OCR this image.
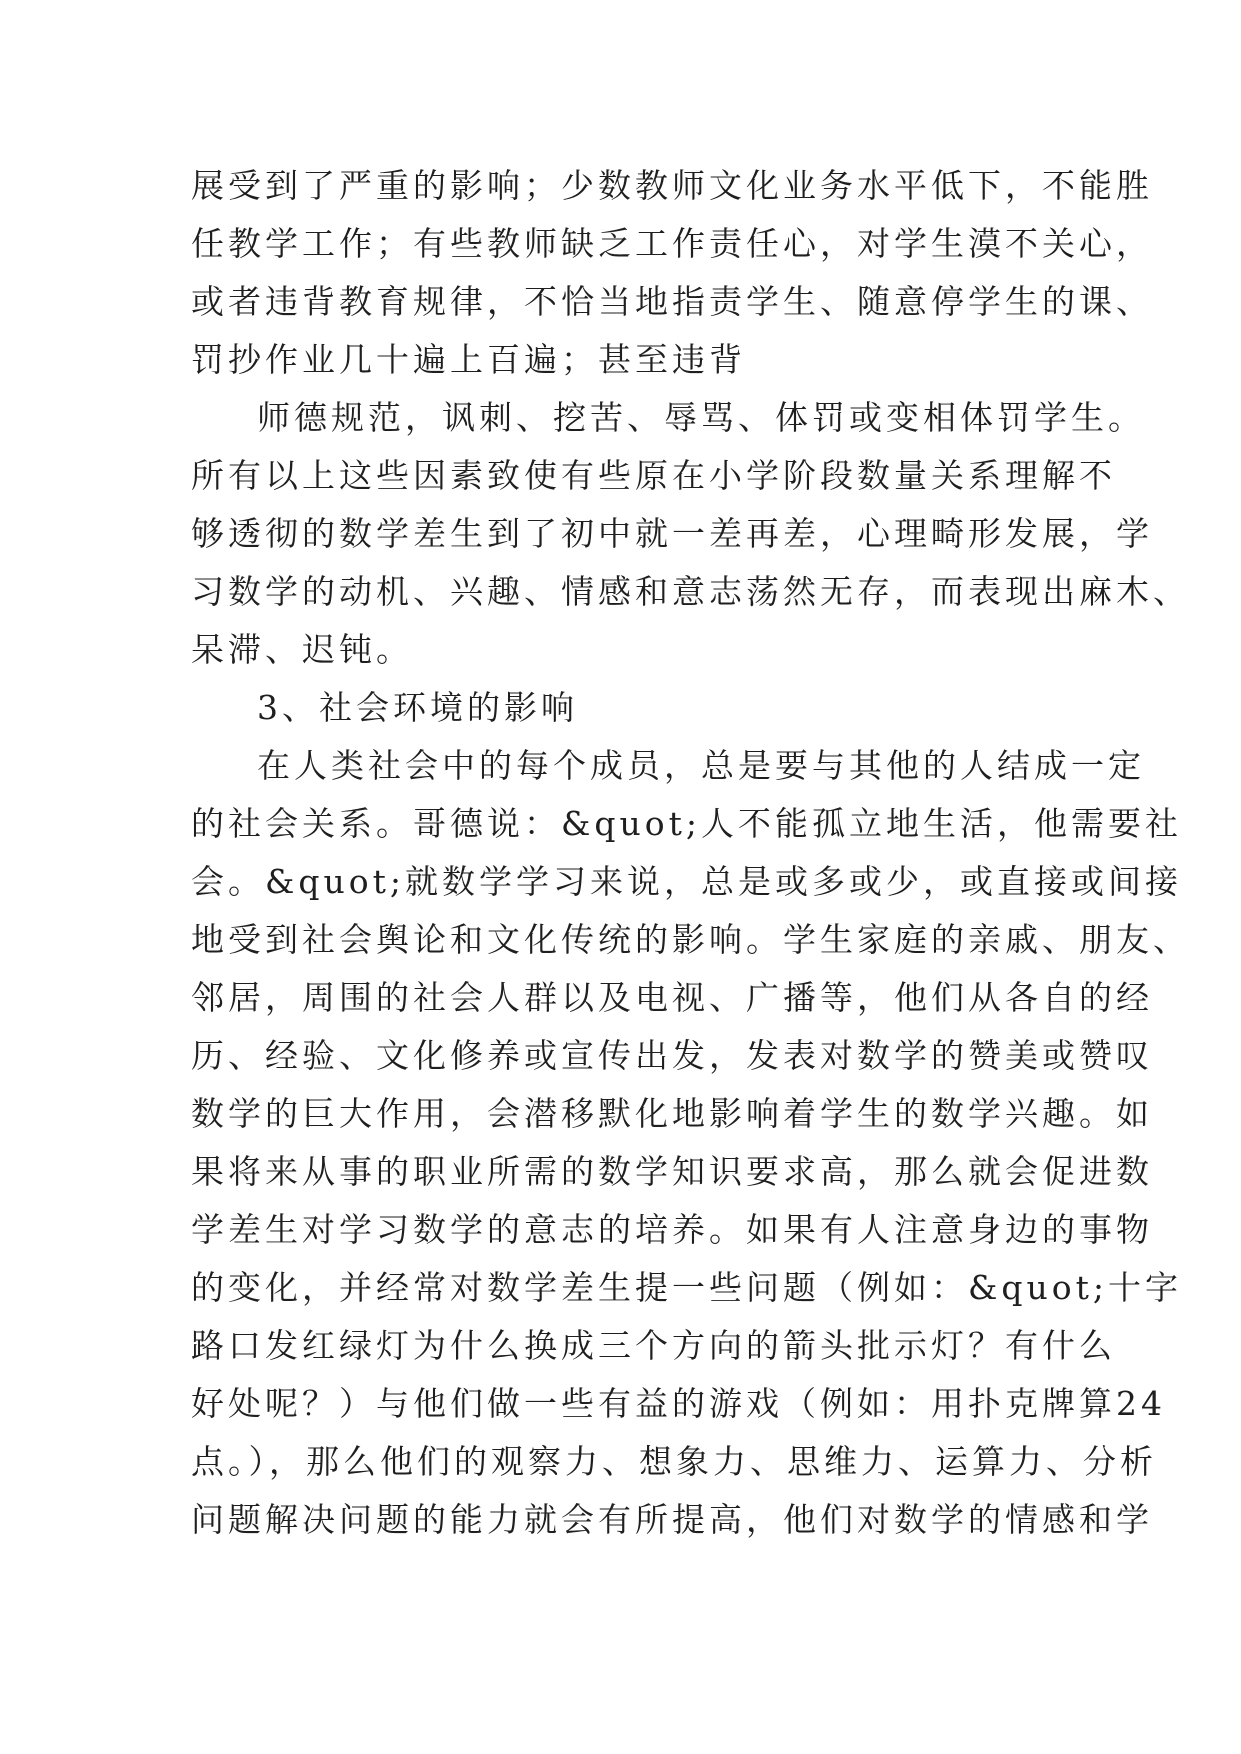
展受到了严重的影响；少数教师文化业务水平低下，不能胜
任教学工作；有些教师缺乏工作责任心，对学生漠不关心，
或者违背教育规律，不恰当地指责学生、随意停学生的课、
罚抄作业几十遍上百遍；甚至违背
师德规范，讽刺、挖苦、辱骂、体罚或变相体罚学生。
所有以上这些因素致使有些原在小学阶段数量关系理解不
够透彻的数学差生到了初中就一差再差，心理畸形发展，学
习数学的动机、兴趣、情感和意志荡然无存，而表现出麻木、
呆滞、迟钝。
3、社会环境的影响
在人类社会中的每个成员，总是要与其他的人结成一定
的社会关系。哥德说：&quot;人不能孤立地生活，他需要社
会。&quot;就数学学习来说，总是或多或少，或直接或间接
地受到社会舆论和文化传统的影响。学生家庭的亲戚、朋友、
邻居，周围的社会人群以及电视、广播等，他们从各自的经
历、经验、文化修养或宣传出发，发表对数学的赞美或赞叹
数学的巨大作用，会潜移默化地影响着学生的数学兴趣。如
果将来从事的职业所需的数学知识要求高，那么就会促进数
学差生对学习数学的意志的培养。如果有人注意身边的事物
的变化，并经常对数学差生提一些问题（例如：&quot;十字
路口发红绿灯为什么换成三个方向的箭头批示灯？有什么
好处呢？）与他们做一些有益的游戏（例如：用扑克牌算24
点。），那么他们的观察力、想象力、思维力、运算力、分析
问题解决问题的能力就会有所提高，他们对数学的情感和学
